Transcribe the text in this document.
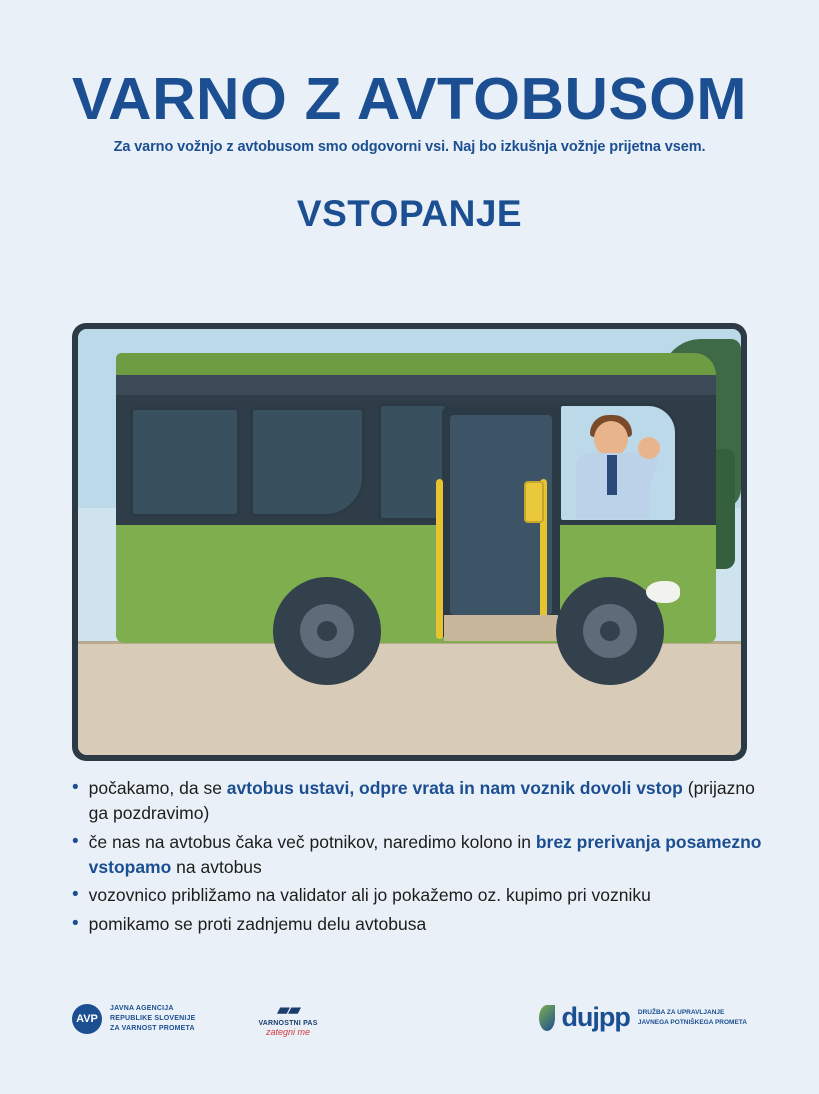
VARNO Z AVTOBUSOM
Za varno vožnjo z avtobusom smo odgovorni vsi. Naj bo izkušnja vožnje prijetna vsem.
VSTOPANJE
• počakamo, da se avtobus ustavi, odpre vrata in nam voznik dovoli vstop (prijazno ga pozdravimo)
• če nas na avtobus čaka več potnikov, naredimo kolono in brez prerivanja posamezno vstopamo na avtobus
• vozovnico približamo na validator ali jo pokažemo oz. kupimo pri vozniku
• pomikamo se proti zadnjemu delu avtobusa
AVP
JAVNA AGENCIJA
REPUBLIKE SLOVENIJE
ZA VARNOST PROMETA
▰▰
VARNOSTNI PAS
zategni me	dujpp DRUŽBA ZA UPRAVLJANJE
JAVNEGA POTNIŠKEGA PROMETA
